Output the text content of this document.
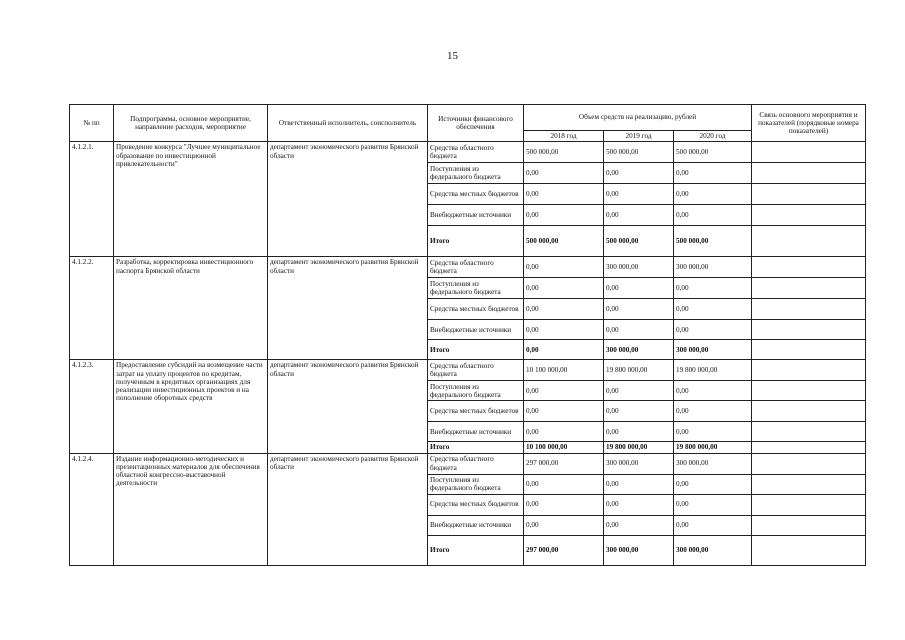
15
№ пп	Подпрограмма, основное мероприятие, направление расходов, мероприятие	Ответственный исполнитель, соисполнитель	Источники финансового обеспечения	Объем средств на реализацию, рублей			Связь основного мероприятия и показателей (порядковые номера показателей)
				2018 год	2019 год	2020 год	
4.1.2.1.	Проведение конкурса "Лучшее муниципальное образование по инвестиционной привлекательности"	департамент экономического развития Брянской области	Средства областного бюджета	500 000,00	500 000,00	500 000,00	
			Поступления из федерального бюджета	0,00	0,00	0,00	
			Средства местных бюджетов	0,00	0,00	0,00	
			Внебюджетные источники	0,00	0,00	0,00	
			Итого	500 000,00	500 000,00	500 000,00	
4.1.2.2.	Разработка, корректировка инвестиционного паспорта Брянской области	департамент экономического развития Брянской области	Средства областного бюджета	0,00	300 000,00	300 000,00	
			Поступления из федерального бюджета	0,00	0,00	0,00	
			Средства местных бюджетов	0,00	0,00	0,00	
			Внебюджетные источники	0,00	0,00	0,00	
			Итого	0,00	300 000,00	300 000,00	
4.1.2.3.	Предоставление субсидий на возмещение части затрат на уплату процентов по кредитам, полученным в кредитных организациях для реализации инвестиционных проектов и на пополнение оборотных средств	департамент экономического развития Брянской области	Средства областного бюджета	10 100 000,00	19 800 000,00	19 800 000,00	
			Поступления из федерального бюджета	0,00	0,00	0,00	
			Средства местных бюджетов	0,00	0,00	0,00	
			Внебюджетные источники	0,00	0,00	0,00	
			Итого	10 100 000,00	19 800 000,00	19 800 000,00	
4.1.2.4.	Издание информационно-методических и презентационных материалов для обеспечения областной конгрессно-выставочной деятельности	департамент экономического развития Брянской области	Средства областного бюджета	297 000,00	300 000,00	300 000,00	
			Поступления из федерального бюджета	0,00	0,00	0,00	
			Средства местных бюджетов	0,00	0,00	0,00	
			Внебюджетные источники	0,00	0,00	0,00	
			Итого	297 000,00	300 000,00	300 000,00	
